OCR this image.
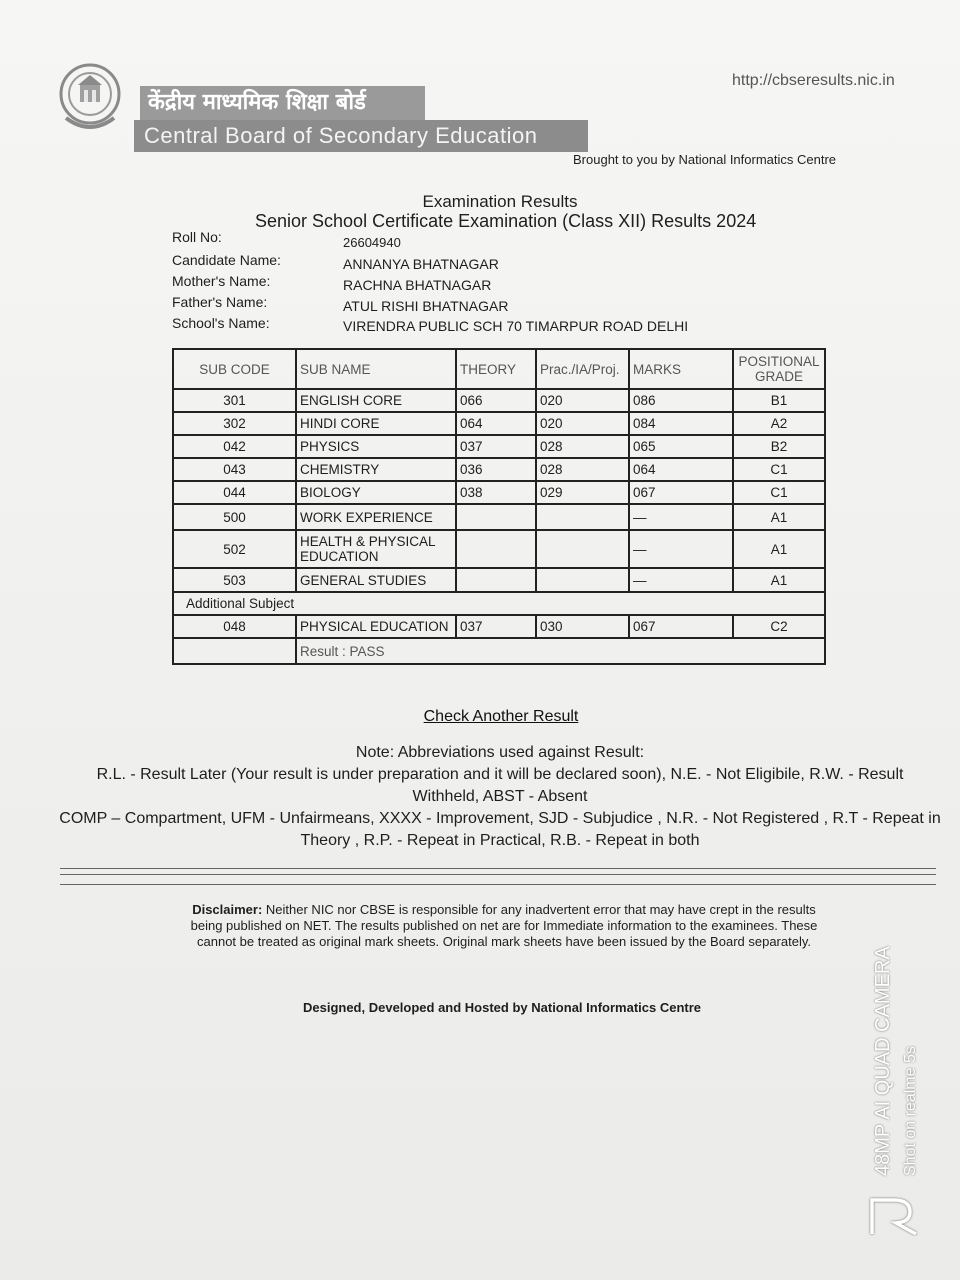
केंद्रीय माध्यमिक शिक्षा बोर्ड
Central Board of Secondary Education
http://cbseresults.nic.in
Brought to you by National Informatics Centre
Examination Results
Senior School Certificate Examination (Class XII) Results 2024
Roll No:	26604940
Candidate Name:	ANNANYA BHATNAGAR
Mother's Name:	RACHNA BHATNAGAR
Father's Name:	ATUL RISHI BHATNAGAR
School's Name:	VIRENDRA PUBLIC SCH 70 TIMARPUR ROAD DELHI
SUB CODE	SUB NAME	THEORY	Prac./IA/Proj.	MARKS	POSITIONAL GRADE
301	ENGLISH CORE	066	020	086	B1
302	HINDI CORE	064	020	084	A2
042	PHYSICS	037	028	065	B2
043	CHEMISTRY	036	028	064	C1
044	BIOLOGY	038	029	067	C1
500	WORK EXPERIENCE			—	A1
502	HEALTH & PHYSICAL EDUCATION			—	A1
503	GENERAL STUDIES			—	A1
Additional Subject					
048	PHYSICAL EDUCATION	037	030	067	C2
	Result : PASS				
Check Another Result
Note: Abbreviations used against Result:
R.L. - Result Later (Your result is under preparation and it will be declared soon), N.E. - Not Eligibile, R.W. - Result Withheld, ABST - Absent
COMP – Compartment, UFM - Unfairmeans, XXXX - Improvement, SJD - Subjudice , N.R. - Not Registered , R.T - Repeat in Theory , R.P. - Repeat in Practical, R.B. - Repeat in both
Disclaimer: Neither NIC nor CBSE is responsible for any inadvertent error that may have crept in the results being published on NET. The results published on net are for Immediate information to the examinees. These cannot be treated as original mark sheets. Original mark sheets have been issued by the Board separately.
Designed, Developed and Hosted by National Informatics Centre	48MP AI QUAD CAMERA Shot on realme 5s
